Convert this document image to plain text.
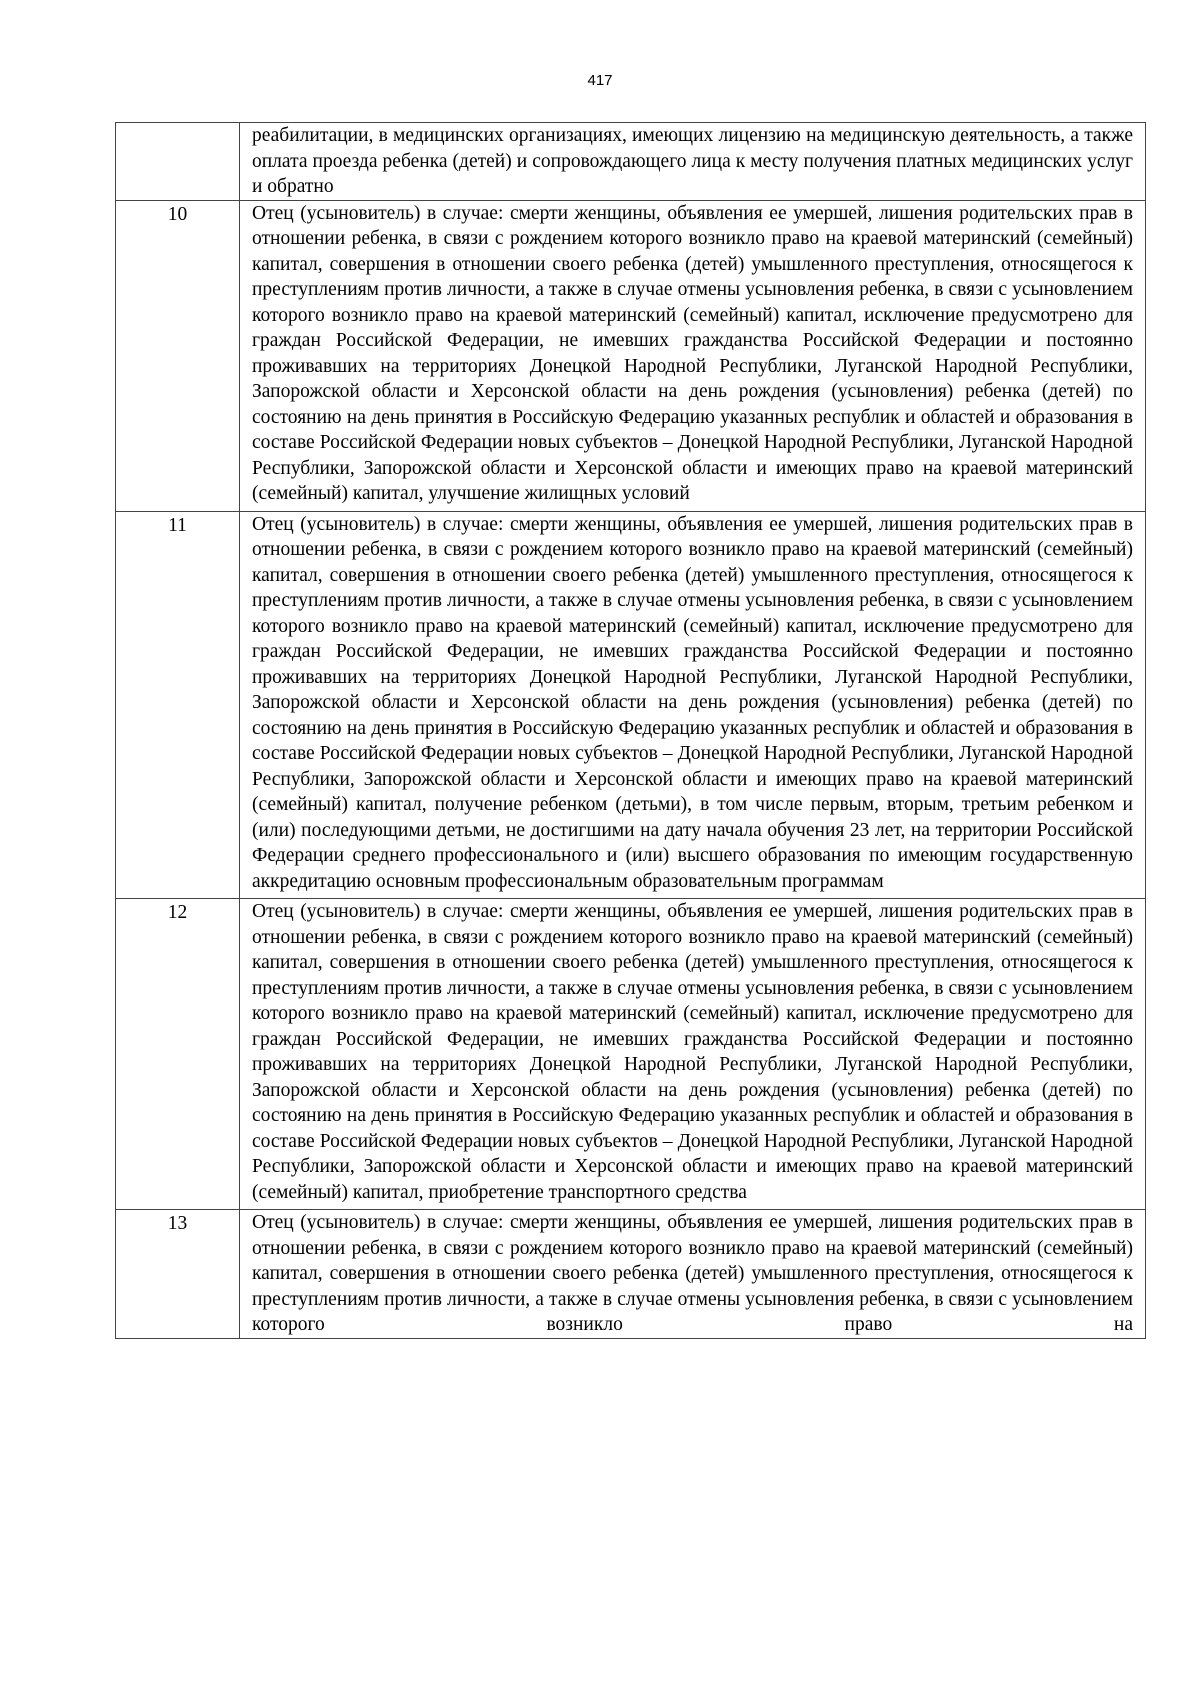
417
	реабилитации, в медицинских организациях, имеющих лицензию на медицинскую деятельность, а также оплата проезда ребенка (детей) и сопровождающего лица к месту получения платных медицинских услуг и обратно
10	Отец (усыновитель) в случае: смерти женщины, объявления ее умершей, лишения родительских прав в отношении ребенка, в связи с рождением которого возникло право на краевой материнский (семейный) капитал, совершения в отношении своего ребенка (детей) умышленного преступления, относящегося к преступлениям против личности, а также в случае отмены усыновления ребенка, в связи с усыновлением которого возникло право на краевой материнский (семейный) капитал, исключение предусмотрено для граждан Российской Федерации, не имевших гражданства Российской Федерации и постоянно проживавших на территориях Донецкой Народной Республики, Луганской Народной Республики, Запорожской области и Херсонской области на день рождения (усыновления) ребенка (детей) по состоянию на день принятия в Российскую Федерацию указанных республик и областей и образования в составе Российской Федерации новых субъектов – Донецкой Народной Республики, Луганской Народной Республики, Запорожской области и Херсонской области и имеющих право на краевой материнский (семейный) капитал, улучшение жилищных условий
11	Отец (усыновитель) в случае: смерти женщины, объявления ее умершей, лишения родительских прав в отношении ребенка, в связи с рождением которого возникло право на краевой материнский (семейный) капитал, совершения в отношении своего ребенка (детей) умышленного преступления, относящегося к преступлениям против личности, а также в случае отмены усыновления ребенка, в связи с усыновлением которого возникло право на краевой материнский (семейный) капитал, исключение предусмотрено для граждан Российской Федерации, не имевших гражданства Российской Федерации и постоянно проживавших на территориях Донецкой Народной Республики, Луганской Народной Республики, Запорожской области и Херсонской области на день рождения (усыновления) ребенка (детей) по состоянию на день принятия в Российскую Федерацию указанных республик и областей и образования в составе Российской Федерации новых субъектов – Донецкой Народной Республики, Луганской Народной Республики, Запорожской области и Херсонской области и имеющих право на краевой материнский (семейный) капитал, получение ребенком (детьми), в том числе первым, вторым, третьим ребенком и (или) последующими детьми, не достигшими на дату начала обучения 23 лет, на территории Российской Федерации среднего профессионального и (или) высшего образования по имеющим государственную аккредитацию основным профессиональным образовательным программам
12	Отец (усыновитель) в случае: смерти женщины, объявления ее умершей, лишения родительских прав в отношении ребенка, в связи с рождением которого возникло право на краевой материнский (семейный) капитал, совершения в отношении своего ребенка (детей) умышленного преступления, относящегося к преступлениям против личности, а также в случае отмены усыновления ребенка, в связи с усыновлением которого возникло право на краевой материнский (семейный) капитал, исключение предусмотрено для граждан Российской Федерации, не имевших гражданства Российской Федерации и постоянно проживавших на территориях Донецкой Народной Республики, Луганской Народной Республики, Запорожской области и Херсонской области на день рождения (усыновления) ребенка (детей) по состоянию на день принятия в Российскую Федерацию указанных республик и областей и образования в составе Российской Федерации новых субъектов – Донецкой Народной Республики, Луганской Народной Республики, Запорожской области и Херсонской области и имеющих право на краевой материнский (семейный) капитал, приобретение транспортного средства
13	Отец (усыновитель) в случае: смерти женщины, объявления ее умершей, лишения родительских прав в отношении ребенка, в связи с рождением которого возникло право на краевой материнский (семейный) капитал, совершения в отношении своего ребенка (детей) умышленного преступления, относящегося к преступлениям против личности, а также в случае отмены усыновления ребенка, в связи с усыновлением которого возникло право на
